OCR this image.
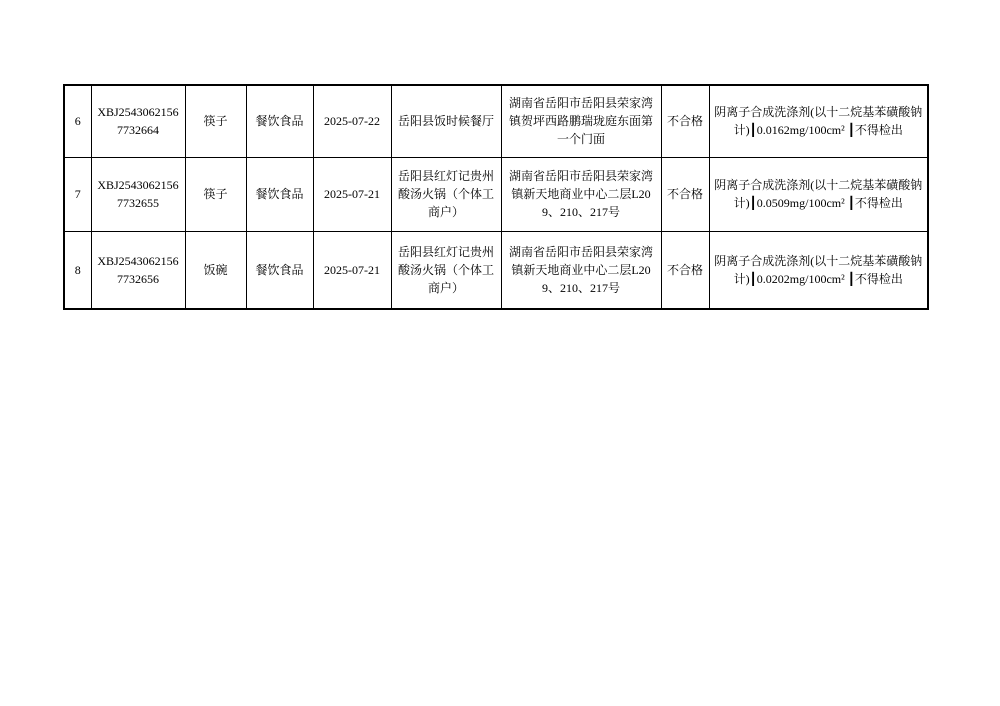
6	XBJ25430621567732664	筷子	餐饮食品	2025-07-22	岳阳县饭时候餐厅	湖南省岳阳市岳阳县荣家湾镇贺坪西路鹏瑞珑庭东面第一个门面	不合格	阴离子合成洗涤剂(以十二烷基苯磺酸钠计)┃0.0162mg/100cm² ┃不得检出
7	XBJ25430621567732655	筷子	餐饮食品	2025-07-21	岳阳县红灯记贵州酸汤火锅（个体工商户）	湖南省岳阳市岳阳县荣家湾镇新天地商业中心二层L209、210、217号	不合格	阴离子合成洗涤剂(以十二烷基苯磺酸钠计)┃0.0509mg/100cm² ┃不得检出
8	XBJ25430621567732656	饭碗	餐饮食品	2025-07-21	岳阳县红灯记贵州酸汤火锅（个体工商户）	湖南省岳阳市岳阳县荣家湾镇新天地商业中心二层L209、210、217号	不合格	阴离子合成洗涤剂(以十二烷基苯磺酸钠计)┃0.0202mg/100cm² ┃不得检出
